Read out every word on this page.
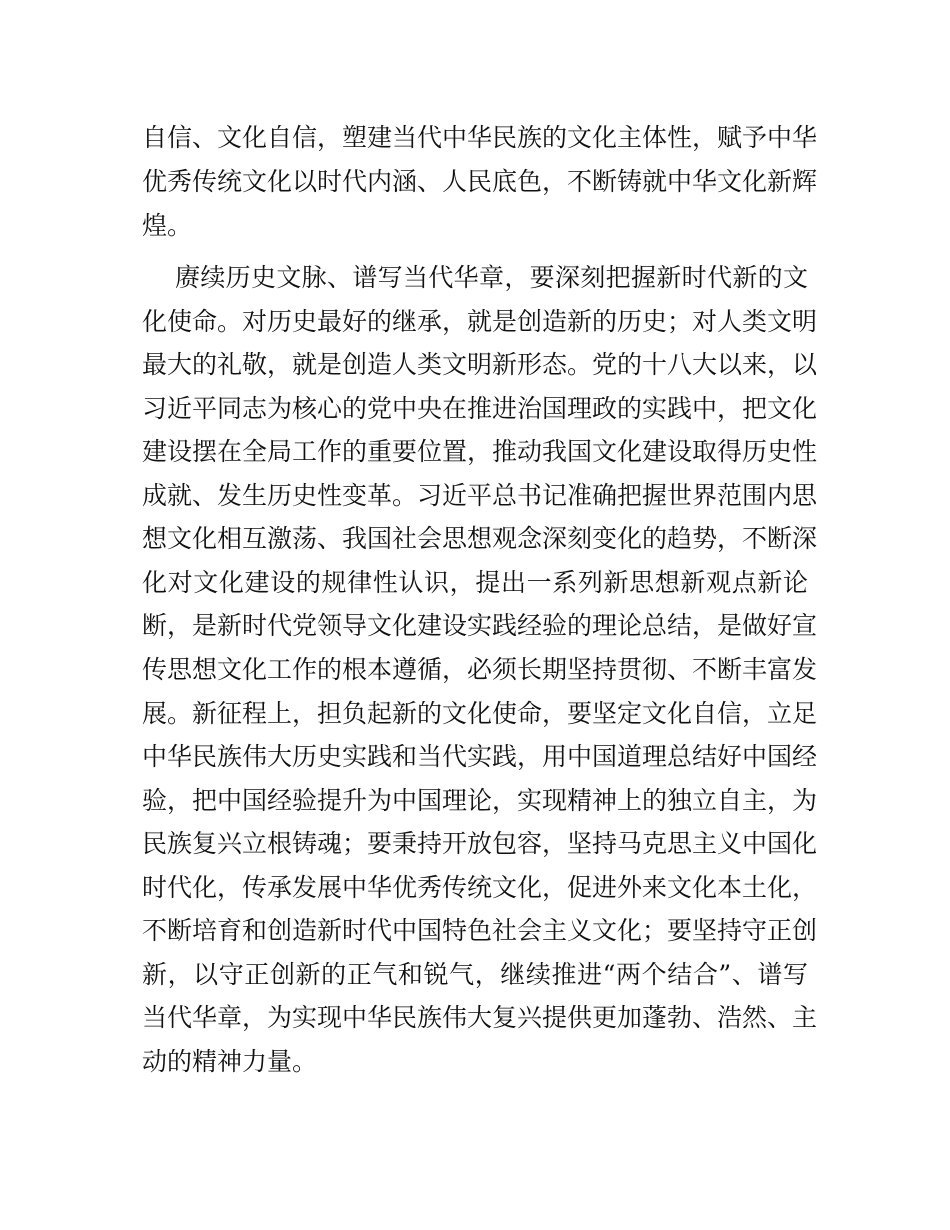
自信、文化自信，塑建当代中华民族的文化主体性，赋予中华
优秀传统文化以时代内涵、人民底色，不断铸就中华文化新辉
煌。
赓续历史文脉、谱写当代华章，要深刻把握新时代新的文
化使命。对历史最好的继承，就是创造新的历史；对人类文明
最大的礼敬，就是创造人类文明新形态。党的十八大以来，以
习近平同志为核心的党中央在推进治国理政的实践中，把文化
建设摆在全局工作的重要位置，推动我国文化建设取得历史性
成就、发生历史性变革。习近平总书记准确把握世界范围内思
想文化相互激荡、我国社会思想观念深刻变化的趋势，不断深
化对文化建设的规律性认识，提出一系列新思想新观点新论
断，是新时代党领导文化建设实践经验的理论总结，是做好宣
传思想文化工作的根本遵循，必须长期坚持贯彻、不断丰富发
展。新征程上，担负起新的文化使命，要坚定文化自信，立足
中华民族伟大历史实践和当代实践，用中国道理总结好中国经
验，把中国经验提升为中国理论，实现精神上的独立自主，为
民族复兴立根铸魂；要秉持开放包容，坚持马克思主义中国化
时代化，传承发展中华优秀传统文化，促进外来文化本土化，
不断培育和创造新时代中国特色社会主义文化；要坚持守正创
新，以守正创新的正气和锐气，继续推进“两个结合”、谱写
当代华章，为实现中华民族伟大复兴提供更加蓬勃、浩然、主
动的精神力量。
